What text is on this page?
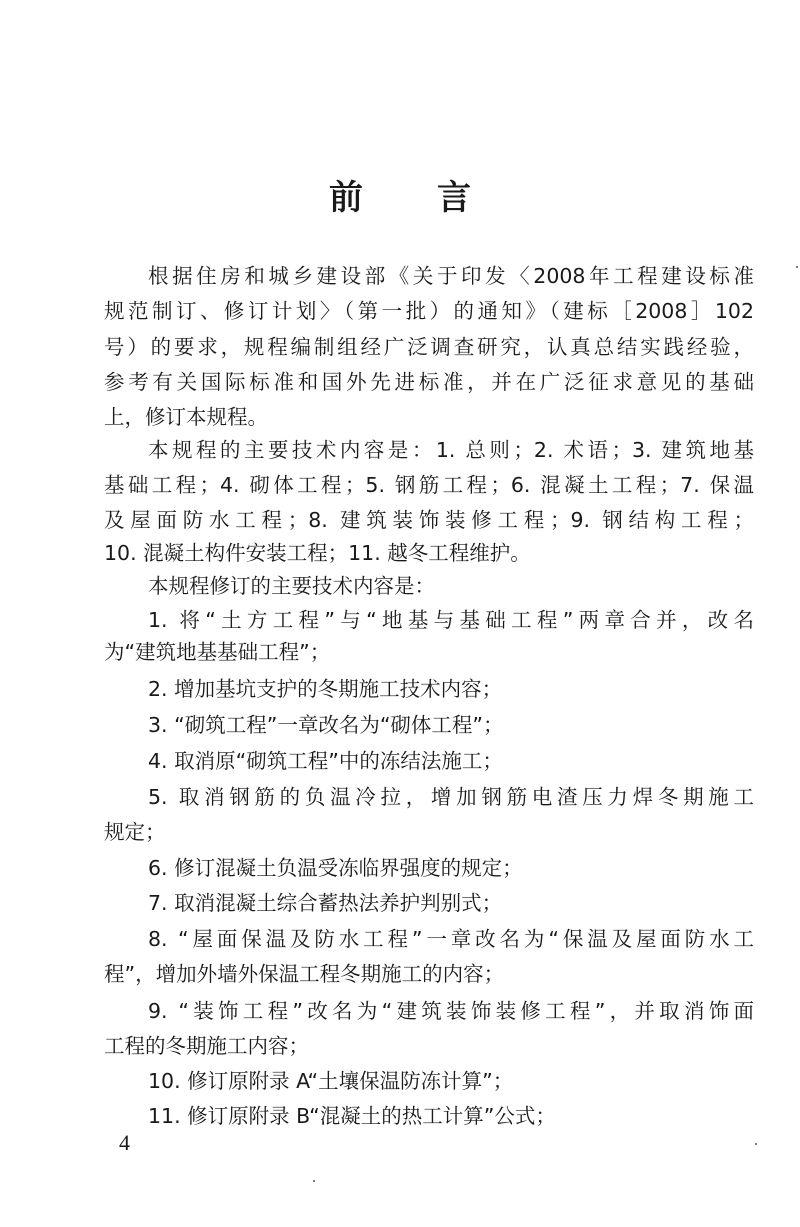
前 言
根据住房和城乡建设部《关于印发〈2008年工程建设标准
规范制订、修订计划〉（第一批）的通知》（建标［2008］102
号）的要求，规程编制组经广泛调查研究，认真总结实践经验，
参考有关国际标准和国外先进标准，并在广泛征求意见的基础
上，修订本规程。
本规程的主要技术内容是：1. 总则；2. 术语；3. 建筑地基
基础工程；4. 砌体工程；5. 钢筋工程；6. 混凝土工程；7. 保温
及屋面防水工程；8. 建筑装饰装修工程；9. 钢结构工程；
10. 混凝土构件安装工程；11. 越冬工程维护。
本规程修订的主要技术内容是：
1. 将“土方工程”与“地基与基础工程”两章合并，改名
为“建筑地基基础工程”；
2. 增加基坑支护的冬期施工技术内容；
3. “砌筑工程”一章改名为“砌体工程”；
4. 取消原“砌筑工程”中的冻结法施工；
5. 取消钢筋的负温冷拉，增加钢筋电渣压力焊冬期施工
规定；
6. 修订混凝土负温受冻临界强度的规定；
7. 取消混凝土综合蓄热法养护判别式；
8. “屋面保温及防水工程”一章改名为“保温及屋面防水工
程”，增加外墙外保温工程冬期施工的内容；
9. “装饰工程”改名为“建筑装饰装修工程”，并取消饰面
工程的冬期施工内容；
10. 修订原附录 A“土壤保温防冻计算”；
11. 修订原附录 B“混凝土的热工计算”公式；
4
